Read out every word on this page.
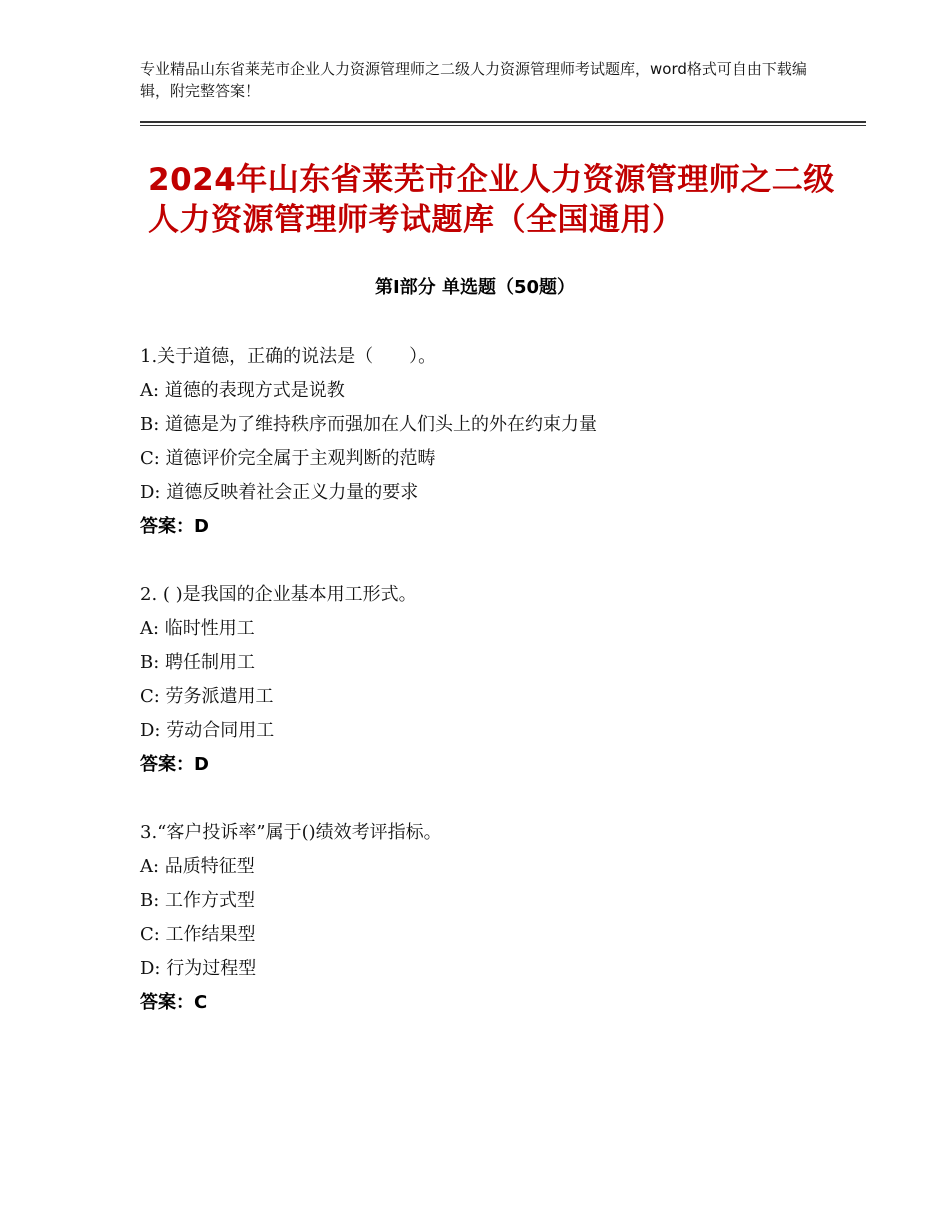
专业精品山东省莱芜市企业人力资源管理师之二级人力资源管理师考试题库，word格式可自由下载编辑，附完整答案！
2024年山东省莱芜市企业人力资源管理师之二级人力资源管理师考试题库（全国通用）
第Ⅰ部分 单选题（50题）
1.关于道德，正确的说法是（　　）。
A: 道德的表现方式是说教
B: 道德是为了维持秩序而强加在人们头上的外在约束力量
C: 道德评价完全属于主观判断的范畴
D: 道德反映着社会正义力量的要求
答案：D
2. ( )是我国的企业基本用工形式。
A: 临时性用工
B: 聘任制用工
C: 劳务派遣用工
D: 劳动合同用工
答案：D
3.“客户投诉率”属于()绩效考评指标。
A: 品质特征型
B: 工作方式型
C: 工作结果型
D: 行为过程型
答案：C
